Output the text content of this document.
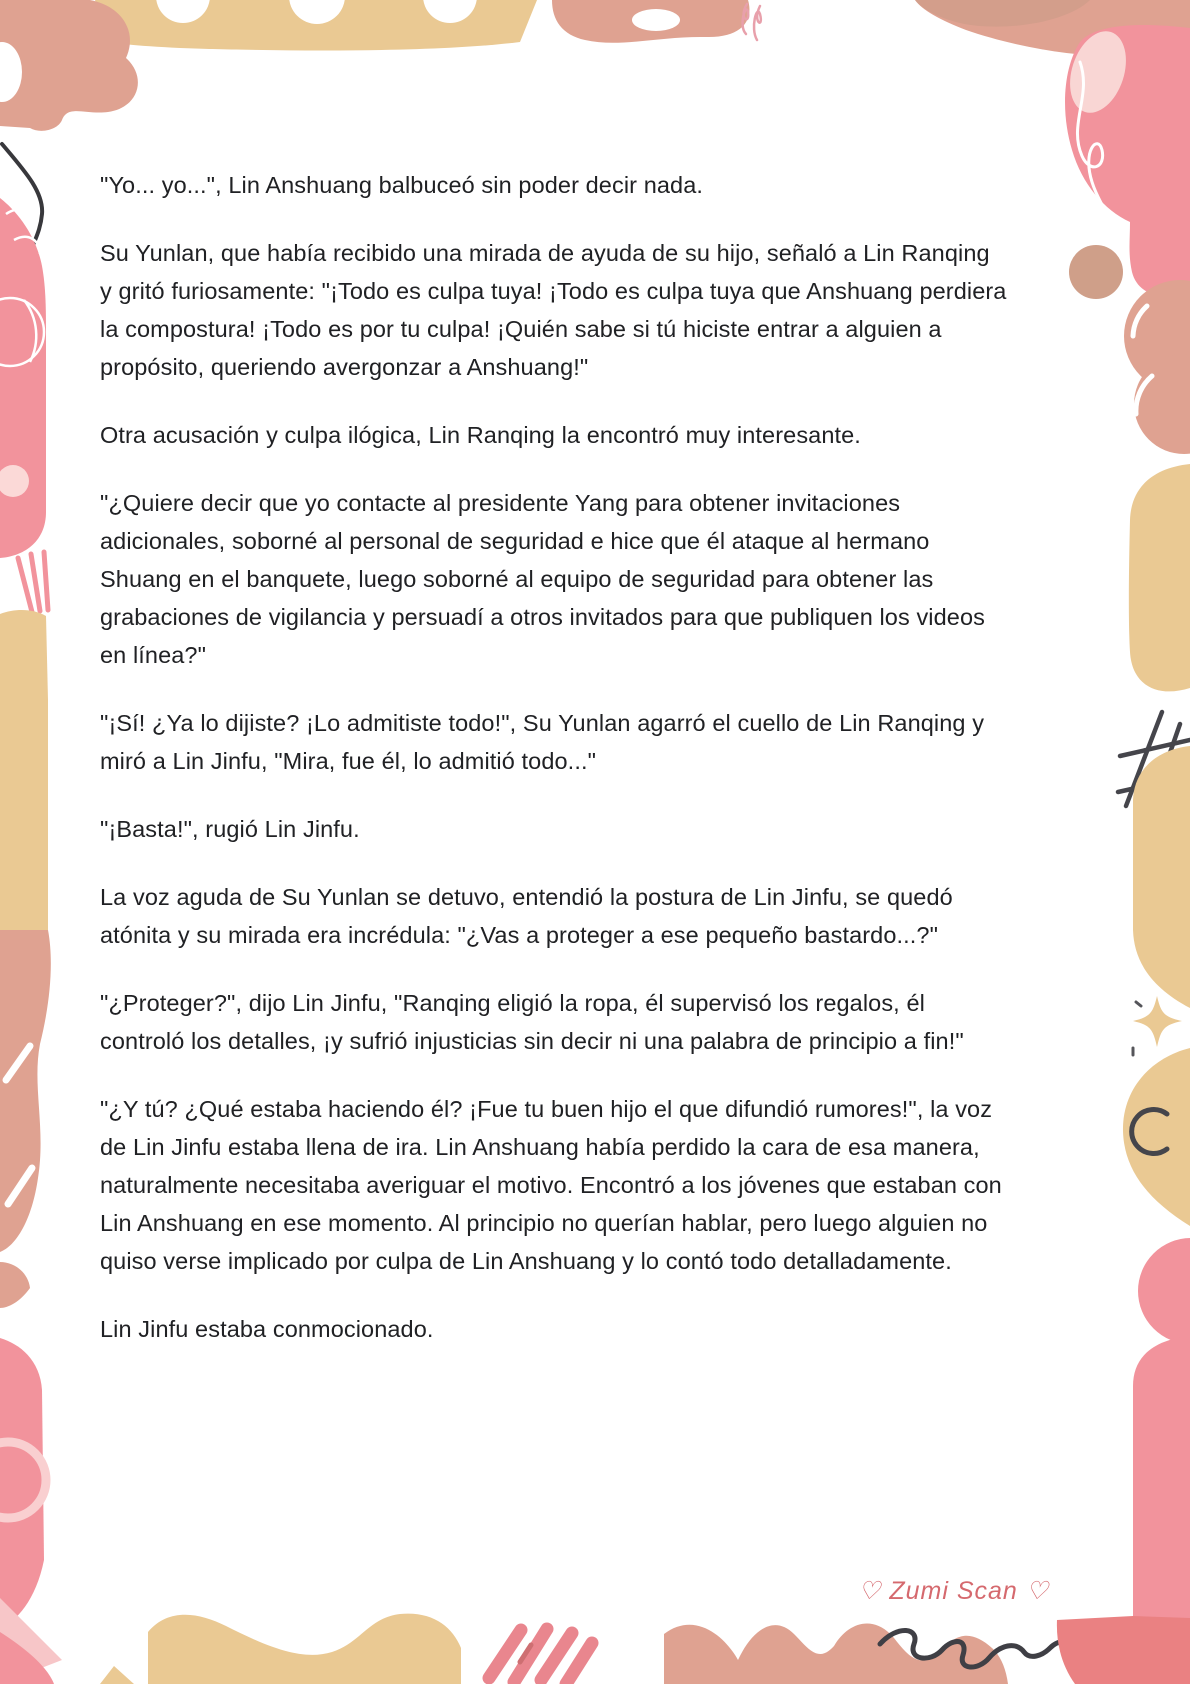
"Yo... yo...", Lin Anshuang balbuceó sin poder decir nada.

Su Yunlan, que había recibido una mirada de ayuda de su hijo, señaló a Lin Ranqing y gritó furiosamente: "¡Todo es culpa tuya! ¡Todo es culpa tuya que Anshuang perdiera la compostura! ¡Todo es por tu culpa! ¡Quién sabe si tú hiciste entrar a alguien a propósito, queriendo avergonzar a Anshuang!"

Otra acusación y culpa ilógica, Lin Ranqing la encontró muy interesante.

"¿Quiere decir que yo contacte al presidente Yang para obtener invitaciones adicionales, soborné al personal de seguridad e hice que él ataque al hermano Shuang en el banquete, luego soborné al equipo de seguridad para obtener las grabaciones de vigilancia y persuadí a otros invitados para que publiquen los videos en línea?"

"¡Sí! ¿Ya lo dijiste? ¡Lo admitiste todo!", Su Yunlan agarró el cuello de Lin Ranqing y miró a Lin Jinfu, "Mira, fue él, lo admitió todo..."

"¡Basta!", rugió Lin Jinfu.

La voz aguda de Su Yunlan se detuvo, entendió la postura de Lin Jinfu, se quedó atónita y su mirada era incrédula: "¿Vas a proteger a ese pequeño bastardo...?"

"¿Proteger?", dijo Lin Jinfu, "Ranqing eligió la ropa, él supervisó los regalos, él controló los detalles, ¡y sufrió injusticias sin decir ni una palabra de principio a fin!"

"¿Y tú? ¿Qué estaba haciendo él? ¡Fue tu buen hijo el que difundió rumores!", la voz de Lin Jinfu estaba llena de ira. Lin Anshuang había perdido la cara de esa manera, naturalmente necesitaba averiguar el motivo. Encontró a los jóvenes que estaban con Lin Anshuang en ese momento. Al principio no querían hablar, pero luego alguien no quiso verse implicado por culpa de Lin Anshuang y lo contó todo detalladamente.

Lin Jinfu estaba conmocionado.

♡ Zumi Scan ♡
